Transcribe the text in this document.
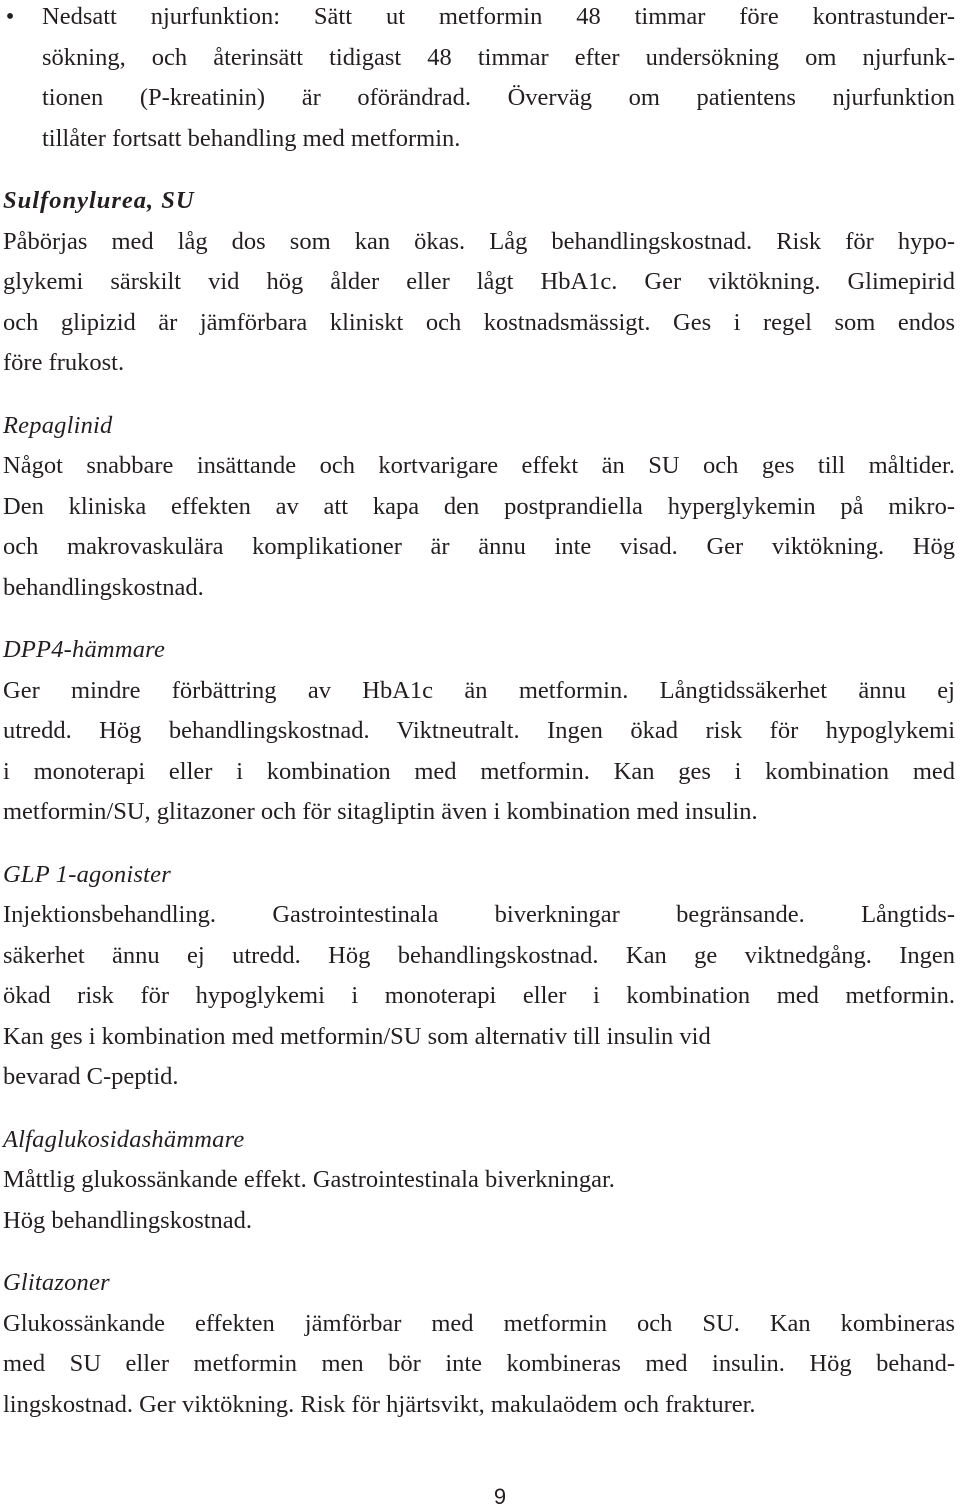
• Nedsatt njurfunktion: Sätt ut metformin 48 timmar före kontrastunder-
sökning, och återinsätt tidigast 48 timmar efter undersökning om njurfunk-
tionen (P-kreatinin) är oförändrad. Överväg om patientens njurfunktion
tillåter fortsatt behandling med metformin.

Sulfonylurea, SU

Påbörjas med låg dos som kan ökas. Låg behandlingskostnad. Risk för hypo-
glykemi särskilt vid hög ålder eller lågt HbA1c. Ger viktökning. Glimepirid
och glipizid är jämförbara kliniskt och kostnadsmässigt. Ges i regel som endos
före frukost.

Repaglinid

Något snabbare insättande och kortvarigare effekt än SU och ges till måltider.
Den kliniska effekten av att kapa den postprandiella hyperglykemin på mikro-
och makrovaskulära komplikationer är ännu inte visad. Ger viktökning. Hög
behandlingskostnad.

DPP4-hämmare

Ger mindre förbättring av HbA1c än metformin. Långtidssäkerhet ännu ej
utredd. Hög behandlingskostnad. Viktneutralt. Ingen ökad risk för hypoglykemi
i monoterapi eller i kombination med metformin. Kan ges i kombination med
metformin/SU, glitazoner och för sitagliptin även i kombination med insulin.

GLP 1-agonister

Injektionsbehandling. Gastrointestinala biverkningar begränsande. Långtids-
säkerhet ännu ej utredd. Hög behandlingskostnad. Kan ge viktnedgång. Ingen
ökad risk för hypoglykemi i monoterapi eller i kombination med metformin.
Kan ges i kombination med metformin/SU som alternativ till insulin vid
bevarad C-peptid.

Alfaglukosidashämmare

Måttlig glukossänkande effekt. Gastrointestinala biverkningar.
Hög behandlingskostnad.

Glitazoner

Glukossänkande effekten jämförbar med metformin och SU. Kan kombineras
med SU eller metformin men bör inte kombineras med insulin. Hög behand-
lingskostnad. Ger viktökning. Risk för hjärtsvikt, makulaödem och frakturer.

9
